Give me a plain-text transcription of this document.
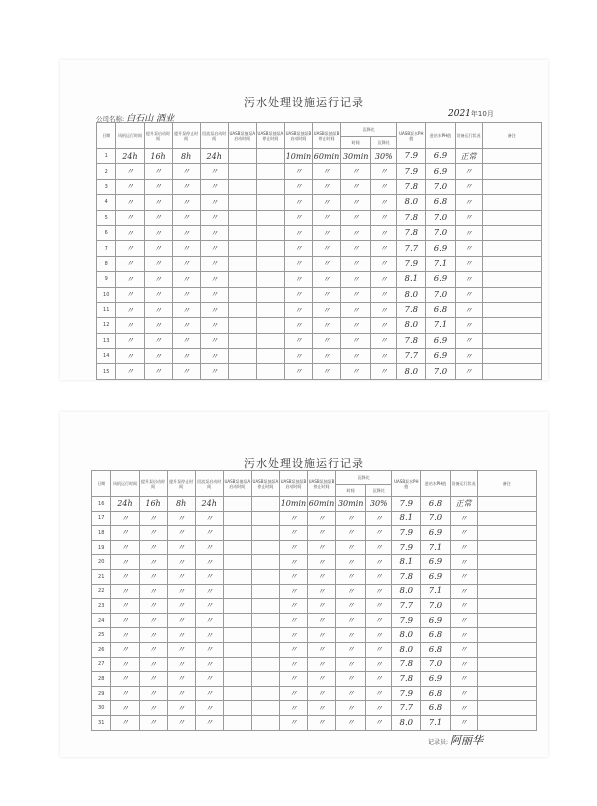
污水处理设施运行记录
公司名称: 白石山 酒业	2021年10月
日期	风机运行时间	提升泵启动时间	提升泵停止时间	回流泵启动时间	UASB泵抽泵A启动时间	UASB泵抽泵A停止时间	UASB泵抽泵B启动时间	UASB泵抽泵B停止时间	沉降比		UASB泵水PH值	进站水PH值	设备运行状况	备注
									时间	沉降比				
1	24h	16h	8h	24h			10min	60min	30min	30%	7.9	6.9	正常	
2	〃	〃	〃	〃			〃	〃	〃	〃	7.9	6.9	〃	
3	〃	〃	〃	〃			〃	〃	〃	〃	7.8	7.0	〃	
4	〃	〃	〃	〃			〃	〃	〃	〃	8.0	6.8	〃	
5	〃	〃	〃	〃			〃	〃	〃	〃	7.8	7.0	〃	
6	〃	〃	〃	〃			〃	〃	〃	〃	7.8	7.0	〃	
7	〃	〃	〃	〃			〃	〃	〃	〃	7.7	6.9	〃	
8	〃	〃	〃	〃			〃	〃	〃	〃	7.9	7.1	〃	
9	〃	〃	〃	〃			〃	〃	〃	〃	8.1	6.9	〃	
10	〃	〃	〃	〃			〃	〃	〃	〃	8.0	7.0	〃	
11	〃	〃	〃	〃			〃	〃	〃	〃	7.8	6.8	〃	
12	〃	〃	〃	〃			〃	〃	〃	〃	8.0	7.1	〃	
13	〃	〃	〃	〃			〃	〃	〃	〃	7.8	6.9	〃	
14	〃	〃	〃	〃			〃	〃	〃	〃	7.7	6.9	〃	
15	〃	〃	〃	〃			〃	〃	〃	〃	8.0	7.0	〃	
污水处理设施运行记录
日期	风机运行时间	提升泵启动时间	提升泵停止时间	回流泵启动时间	UASB泵抽泵A启动时间	UASB泵抽泵A停止时间	UASB泵抽泵B启动时间	UASB泵抽泵B停止时间	沉降比		UASB泵水PH值	进站水PH值	设备运行状况	备注
									时间	沉降比				
16	24h	16h	8h	24h			10min	60min	30min	30%	7.9	6.8	正常	
17	〃	〃	〃	〃			〃	〃	〃	〃	8.1	7.0	〃	
18	〃	〃	〃	〃			〃	〃	〃	〃	7.9	6.9	〃	
19	〃	〃	〃	〃			〃	〃	〃	〃	7.9	7.1	〃	
20	〃	〃	〃	〃			〃	〃	〃	〃	8.1	6.9	〃	
21	〃	〃	〃	〃			〃	〃	〃	〃	7.8	6.9	〃	
22	〃	〃	〃	〃			〃	〃	〃	〃	8.0	7.1	〃	
23	〃	〃	〃	〃			〃	〃	〃	〃	7.7	7.0	〃	
24	〃	〃	〃	〃			〃	〃	〃	〃	7.9	6.9	〃	
25	〃	〃	〃	〃			〃	〃	〃	〃	8.0	6.8	〃	
26	〃	〃	〃	〃			〃	〃	〃	〃	8.0	6.8	〃	
27	〃	〃	〃	〃			〃	〃	〃	〃	7.8	7.0	〃	
28	〃	〃	〃	〃			〃	〃	〃	〃	7.8	6.9	〃	
29	〃	〃	〃	〃			〃	〃	〃	〃	7.9	6.8	〃	
30	〃	〃	〃	〃			〃	〃	〃	〃	7.7	6.8	〃	
31	〃	〃	〃	〃			〃	〃	〃	〃	8.0	7.1	〃	
记录员: 阿丽华
